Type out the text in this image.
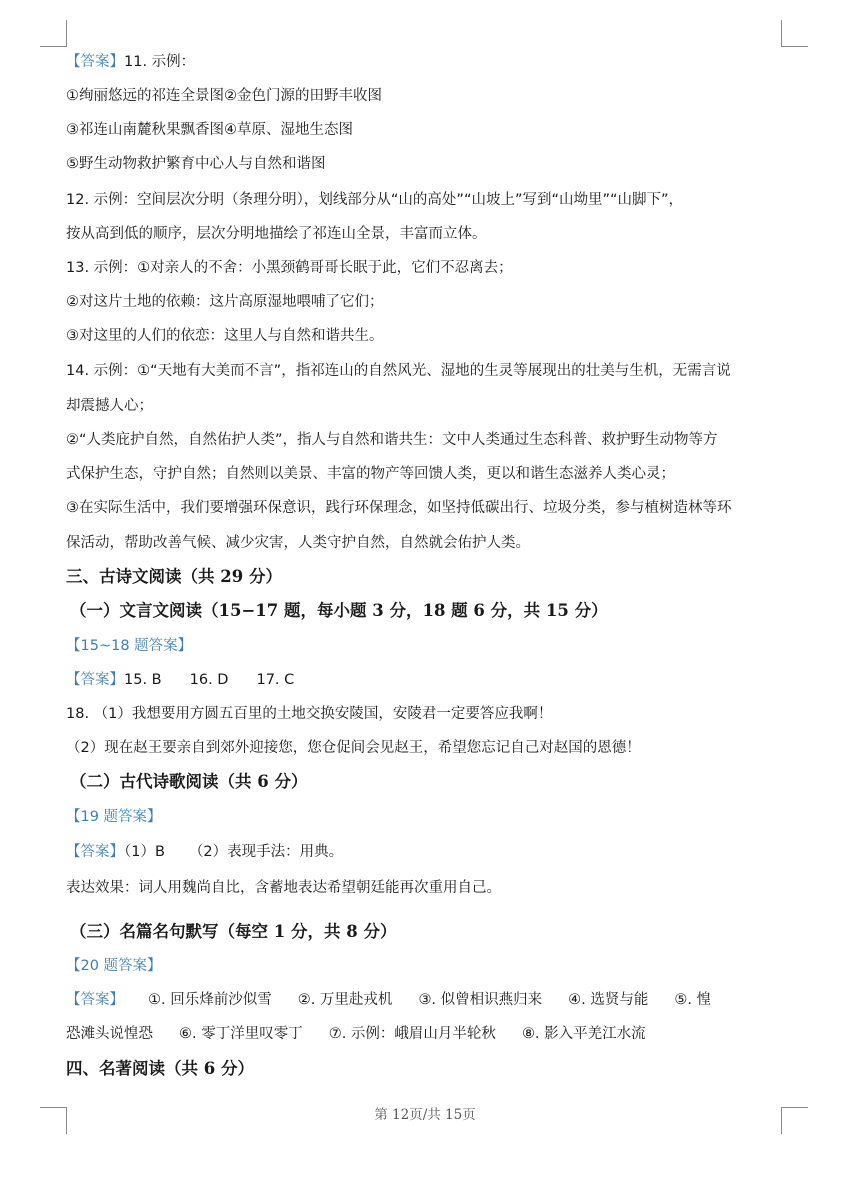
【答案】11. 示例：
①绚丽悠远的祁连全景图②金色门源的田野丰收图
③祁连山南麓秋果飘香图④草原、湿地生态图
⑤野生动物救护繁育中心人与自然和谐图
12. 示例：空间层次分明（条理分明），划线部分从“山的高处”“山坡上”写到“山坳里”“山脚下”，
按从高到低的顺序，层次分明地描绘了祁连山全景，丰富而立体。
13. 示例：①对亲人的不舍：小黑颈鹤哥哥长眠于此，它们不忍离去；
②对这片土地的依赖：这片高原湿地喂哺了它们；
③对这里的人们的依恋：这里人与自然和谐共生。
14. 示例：①“天地有大美而不言”，指祁连山的自然风光、湿地的生灵等展现出的壮美与生机，无需言说
却震撼人心；
②“人类庇护自然，自然佑护人类”，指人与自然和谐共生：文中人类通过生态科普、救护野生动物等方
式保护生态，守护自然；自然则以美景、丰富的物产等回馈人类，更以和谐生态滋养人类心灵；
③在实际生活中，我们要增强环保意识，践行环保理念，如坚持低碳出行、垃圾分类，参与植树造林等环
保活动，帮助改善气候、减少灾害，人类守护自然，自然就会佑护人类。
三、古诗文阅读（共 29 分）
（一）文言文阅读（15−17 题，每小题 3 分，18 题 6 分，共 15 分）
【15~18 题答案】
【答案】15. B 16. D 17. C
18. （1）我想要用方圆五百里的土地交换安陵国，安陵君一定要答应我啊！
（2）现在赵王要亲自到郊外迎接您，您仓促间会见赵王，希望您忘记自己对赵国的恩德！
（二）古代诗歌阅读（共 6 分）
【19 题答案】
【答案】（1）B （2）表现手法：用典。
表达效果：词人用魏尚自比，含蓄地表达希望朝廷能再次重用自己。
（三）名篇名句默写（每空 1 分，共 8 分）
【20 题答案】
【答案】 ①. 回乐烽前沙似雪 ②. 万里赴戎机 ③. 似曾相识燕归来 ④. 选贤与能 ⑤. 惶
恐滩头说惶恐 ⑥. 零丁洋里叹零丁 ⑦. 示例：峨眉山月半轮秋 ⑧. 影入平羌江水流
四、名著阅读（共 6 分）
第 12页/共 15页
